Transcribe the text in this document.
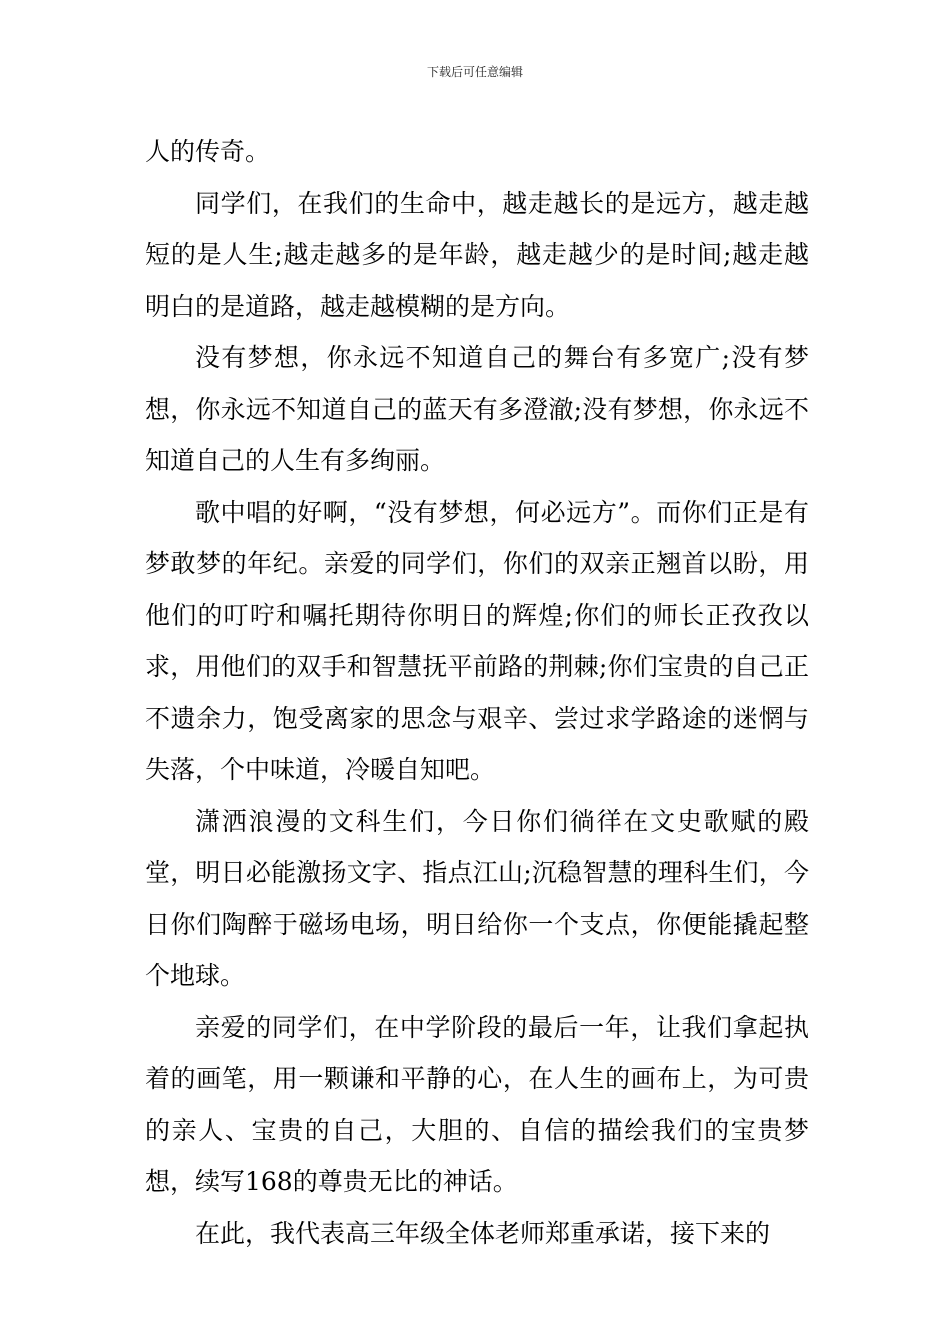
下载后可任意编辑

人的传奇。

同学们，在我们的生命中，越走越长的是远方，越走越短的是人生;越走越多的是年龄，越走越少的是时间;越走越明白的是道路，越走越模糊的是方向。

没有梦想，你永远不知道自己的舞台有多宽广;没有梦想，你永远不知道自己的蓝天有多澄澈;没有梦想，你永远不知道自己的人生有多绚丽。

歌中唱的好啊，“没有梦想，何必远方”。而你们正是有梦敢梦的年纪。亲爱的同学们，你们的双亲正翘首以盼，用他们的叮咛和嘱托期待你明日的辉煌;你们的师长正孜孜以求，用他们的双手和智慧抚平前路的荆棘;你们宝贵的自己正不遗余力，饱受离家的思念与艰辛、尝过求学路途的迷惘与失落，个中味道，冷暖自知吧。

潇洒浪漫的文科生们，今日你们徜徉在文史歌赋的殿堂，明日必能激扬文字、指点江山;沉稳智慧的理科生们，今日你们陶醉于磁场电场，明日给你一个支点，你便能撬起整个地球。

亲爱的同学们，在中学阶段的最后一年，让我们拿起执着的画笔，用一颗谦和平静的心，在人生的画布上，为可贵的亲人、宝贵的自己，大胆的、自信的描绘我们的宝贵梦想，续写168的尊贵无比的神话。

在此，我代表高三年级全体老师郑重承诺，接下来的
